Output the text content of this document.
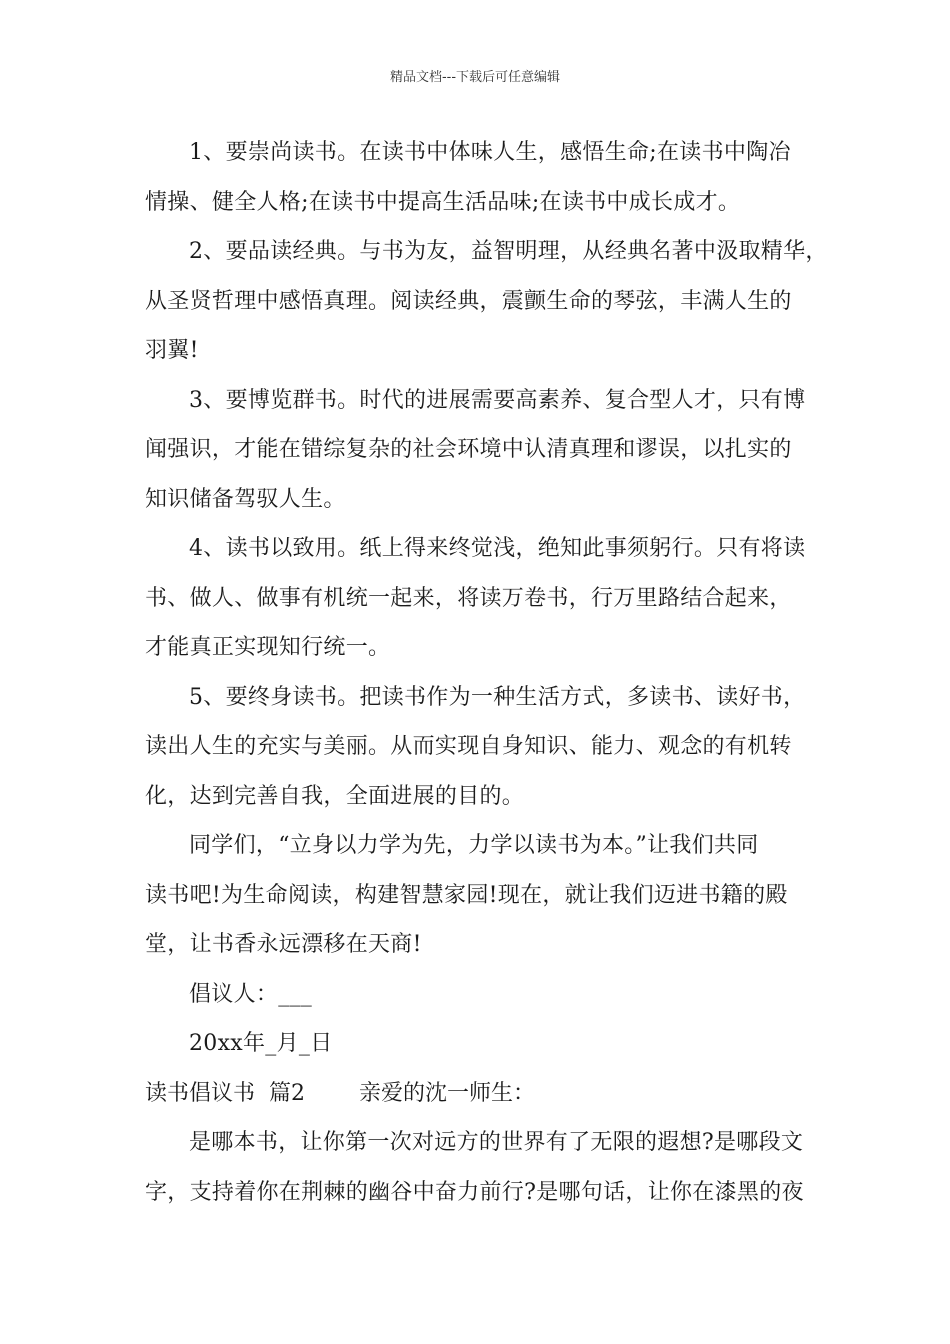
精品文档---下载后可任意编辑

1、要崇尚读书。在读书中体味人生，感悟生命;在读书中陶冶
情操、健全人格;在读书中提高生活品味;在读书中成长成才。

2、要品读经典。与书为友，益智明理，从经典名著中汲取精华，
从圣贤哲理中感悟真理。阅读经典，震颤生命的琴弦，丰满人生的
羽翼!

3、要博览群书。时代的进展需要高素养、复合型人才，只有博
闻强识，才能在错综复杂的社会环境中认清真理和谬误，以扎实的
知识储备驾驭人生。

4、读书以致用。纸上得来终觉浅，绝知此事须躬行。只有将读
书、做人、做事有机统一起来，将读万卷书，行万里路结合起来，
才能真正实现知行统一。

5、要终身读书。把读书作为一种生活方式，多读书、读好书，
读出人生的充实与美丽。从而实现自身知识、能力、观念的有机转
化，达到完善自我，全面进展的目的。

同学们，“立身以力学为先，力学以读书为本。”让我们共同
读书吧!为生命阅读，构建智慧家园!现在，就让我们迈进书籍的殿
堂，让书香永远漂移在天商!

倡议人：___

20xx年_月_日

读书倡议书  篇2 亲爱的沈一师生：

是哪本书，让你第一次对远方的世界有了无限的遐想?是哪段文
字，支持着你在荆棘的幽谷中奋力前行?是哪句话，让你在漆黑的夜
